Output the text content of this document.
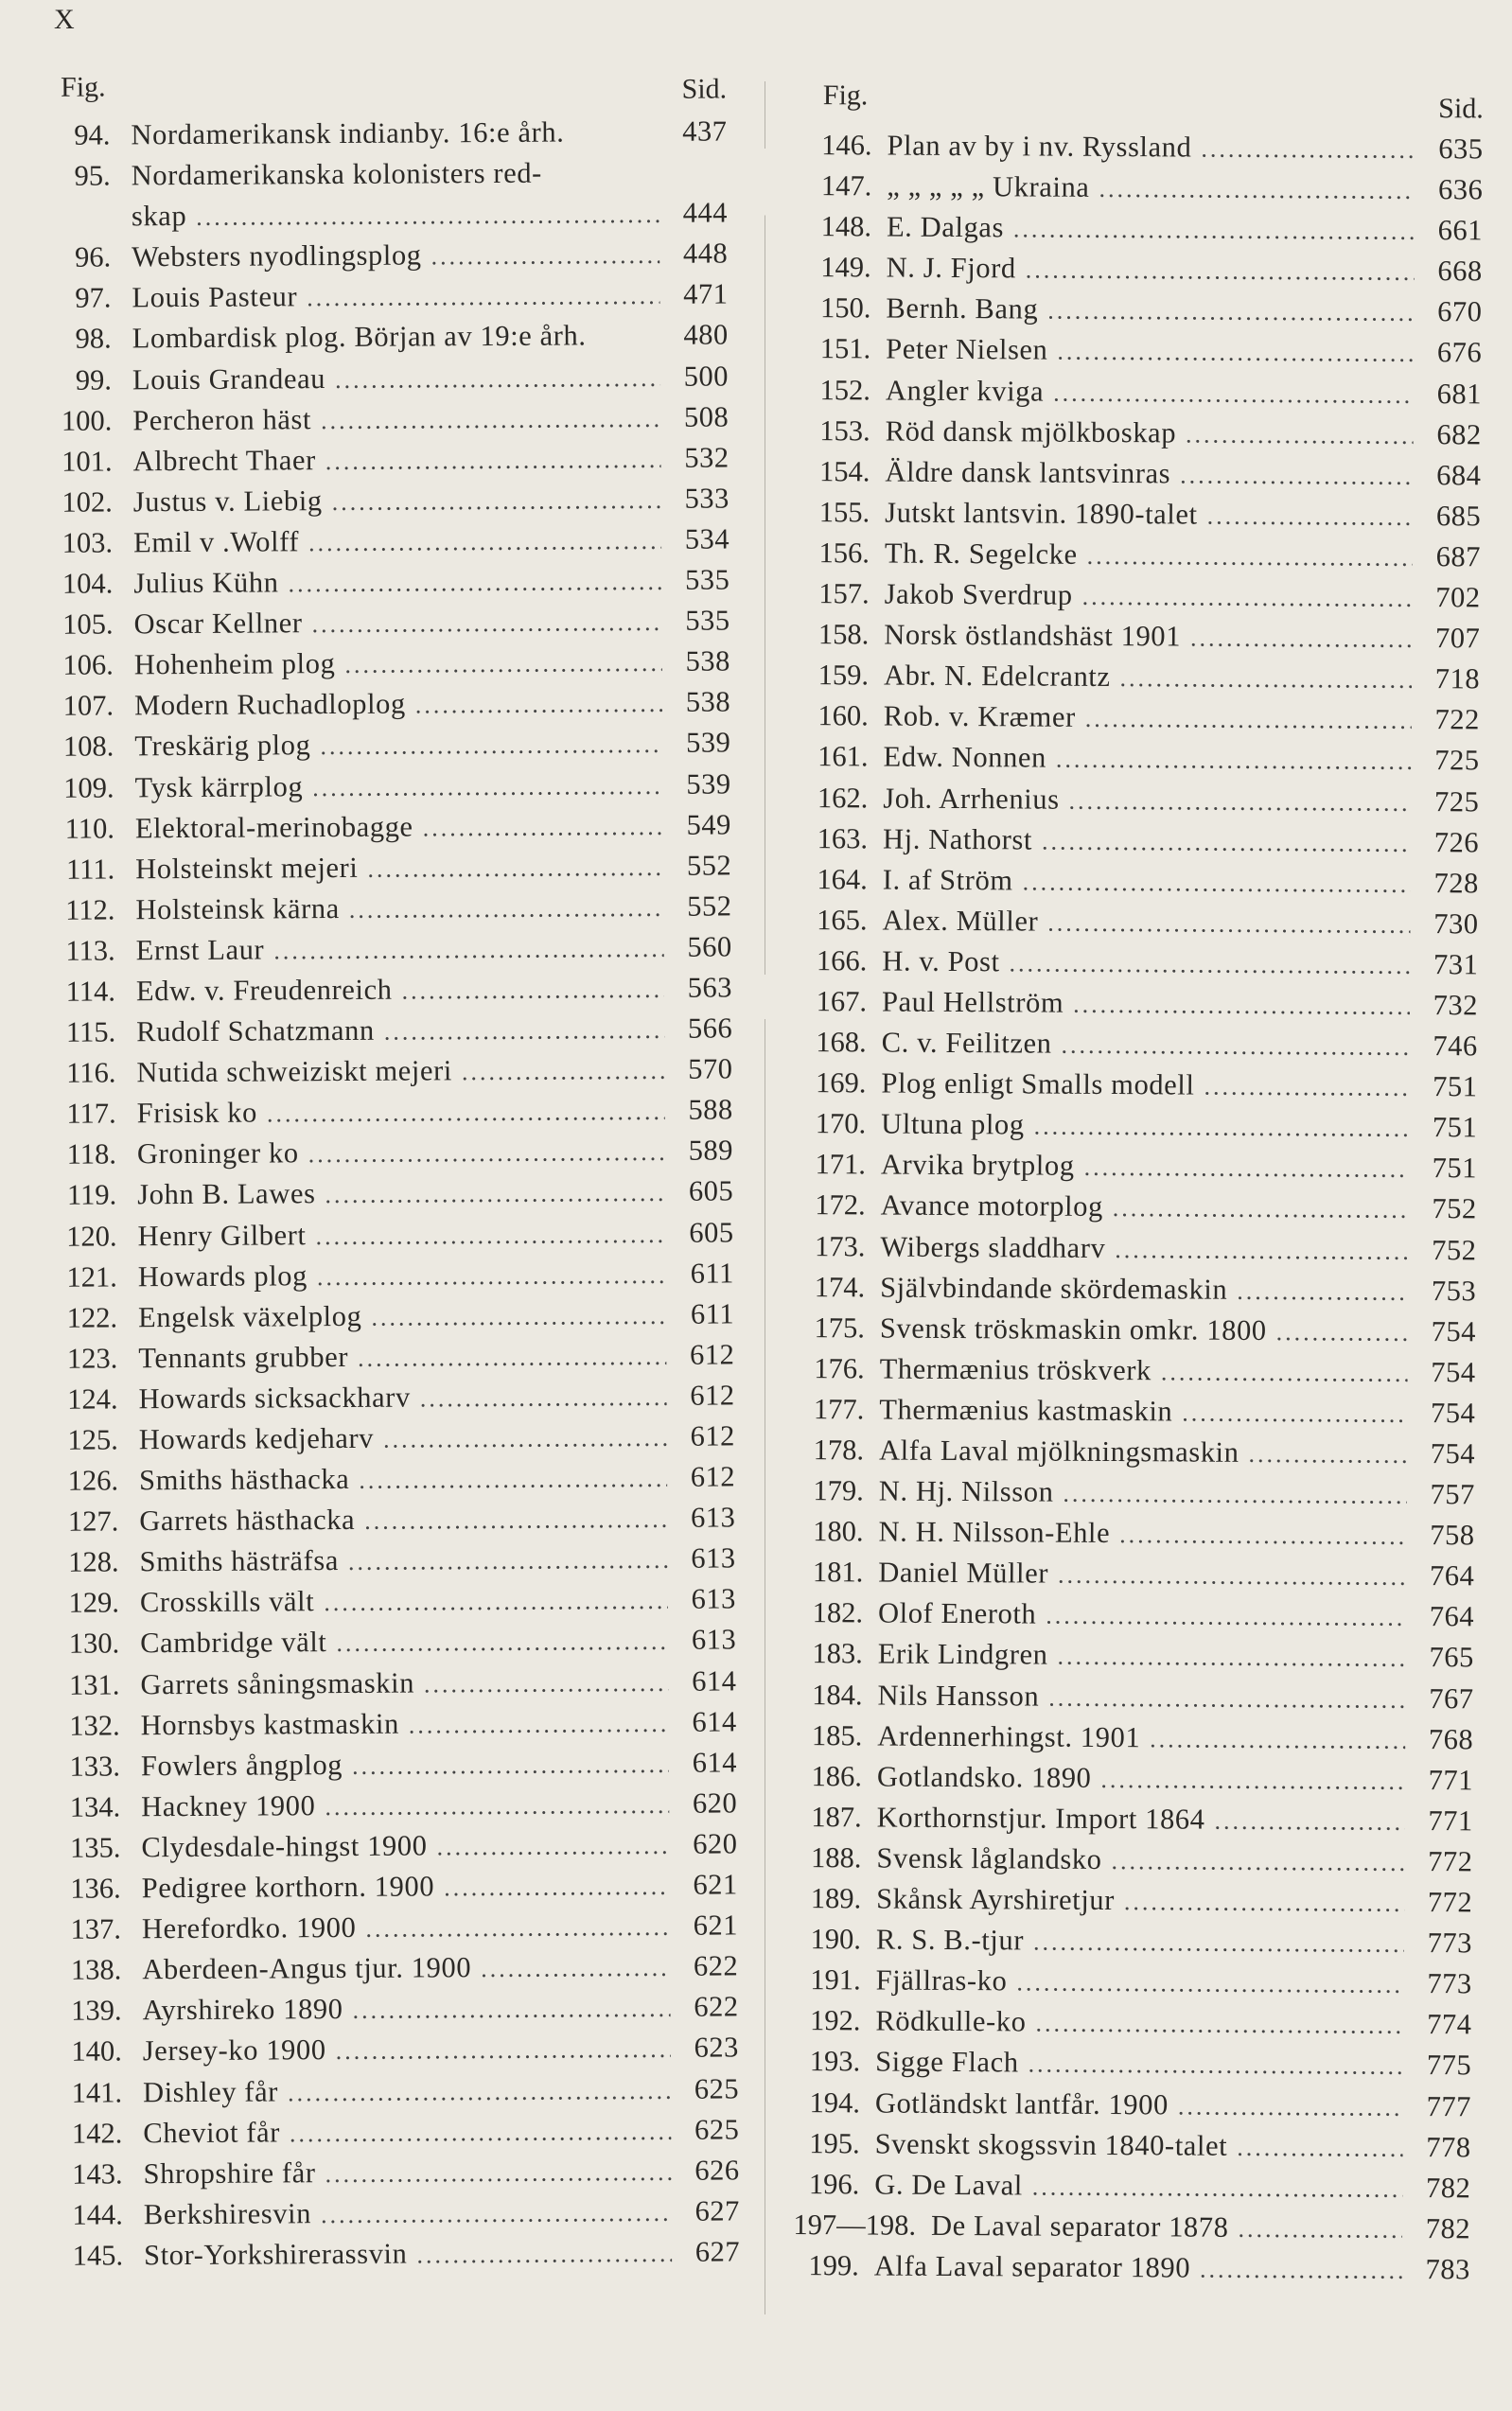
X
Fig.	Sid.
94. Nordamerikansk indianby. 16:e årh.	437
95. Nordamerikanska kolonisters red-
skap .....	444
96. Websters nyodlingsplog .....	448
97. Louis Pasteur .....	471
98. Lombardisk plog. Början av 19:e årh.	480
99. Louis Grandeau .....	500
100. Percheron häst .....	508
101. Albrecht Thaer .....	532
102. Justus v. Liebig .....	533
103. Emil v .Wolff .....	534
104. Julius Kühn .....	535
105. Oscar Kellner .....	535
106. Hohenheim plog .....	538
107. Modern Ruchadloplog .....	538
108. Treskärig plog .....	539
109. Tysk kärrplog .....	539
110. Elektoral-merinobagge .....	549
111. Holsteinskt mejeri .....	552
112. Holsteinsk kärna .....	552
113. Ernst Laur .....	560
114. Edw. v. Freudenreich .....	563
115. Rudolf Schatzmann .....	566
116. Nutida schweiziskt mejeri .....	570
117. Frisisk ko .....	588
118. Groninger ko .....	589
119. John B. Lawes .....	605
120. Henry Gilbert .....	605
121. Howards plog .....	611
122. Engelsk växelplog .....	611
123. Tennants grubber .....	612
124. Howards sicksackharv .....	612
125. Howards kedjeharv .....	612
126. Smiths hästhacka .....	612
127. Garrets hästhacka .....	613
128. Smiths hästräfsa .....	613
129. Crosskills vält .....	613
130. Cambridge vält .....	613
131. Garrets såningsmaskin .....	614
132. Hornsbys kastmaskin .....	614
133. Fowlers ångplog .....	614
134. Hackney 1900 .....	620
135. Clydesdale-hingst 1900 .....	620
136. Pedigree korthorn. 1900 .....	621
137. Herefordko. 1900 .....	621
138. Aberdeen-Angus tjur. 1900 .....	622
139. Ayrshireko 1890 .....	622
140. Jersey-ko 1900 .....	623
141. Dishley får .....	625
142. Cheviot får .....	625
143. Shropshire får .....	626
144. Berkshiresvin .....	627
145. Stor-Yorkshirerassvin .....	627
Fig.	Sid.
146. Plan av by i nv. Ryssland .....	635
147. „ „ „ „ „ Ukraina .....	636
148. E. Dalgas .....	661
149. N. J. Fjord .....	668
150. Bernh. Bang .....	670
151. Peter Nielsen .....	676
152. Angler kviga .....	681
153. Röd dansk mjölkboskap .....	682
154. Äldre dansk lantsvinras .....	684
155. Jutskt lantsvin. 1890-talet .....	685
156. Th. R. Segelcke .....	687
157. Jakob Sverdrup .....	702
158. Norsk östlandshäst 1901 .....	707
159. Abr. N. Edelcrantz .....	718
160. Rob. v. Kræmer .....	722
161. Edw. Nonnen .....	725
162. Joh. Arrhenius .....	725
163. Hj. Nathorst .....	726
164. I. af Ström .....	728
165. Alex. Müller .....	730
166. H. v. Post .....	731
167. Paul Hellström .....	732
168. C. v. Feilitzen .....	746
169. Plog enligt Smalls modell .....	751
170. Ultuna plog .....	751
171. Arvika brytplog .....	751
172. Avance motorplog .....	752
173. Wibergs sladdharv .....	752
174. Självbindande skördemaskin .....	753
175. Svensk tröskmaskin omkr. 1800 .....	754
176. Thermænius tröskverk .....	754
177. Thermænius kastmaskin .....	754
178. Alfa Laval mjölkningsmaskin .....	754
179. N. Hj. Nilsson .....	757
180. N. H. Nilsson-Ehle .....	758
181. Daniel Müller .....	764
182. Olof Eneroth .....	764
183. Erik Lindgren .....	765
184. Nils Hansson .....	767
185. Ardennerhingst. 1901 .....	768
186. Gotlandsko. 1890 .....	771
187. Korthornstjur. Import 1864 .....	771
188. Svensk låglandsko .....	772
189. Skånsk Ayrshiretjur .....	772
190. R. S. B.-tjur .....	773
191. Fjällras-ko .....	773
192. Rödkulle-ko .....	774
193. Sigge Flach .....	775
194. Gotländskt lantfår. 1900 .....	777
195. Svenskt skogssvin 1840-talet .....	778
196. G. De Laval .....	782
197—198. De Laval separator 1878 .....	782
199. Alfa Laval separator 1890 .....	783
